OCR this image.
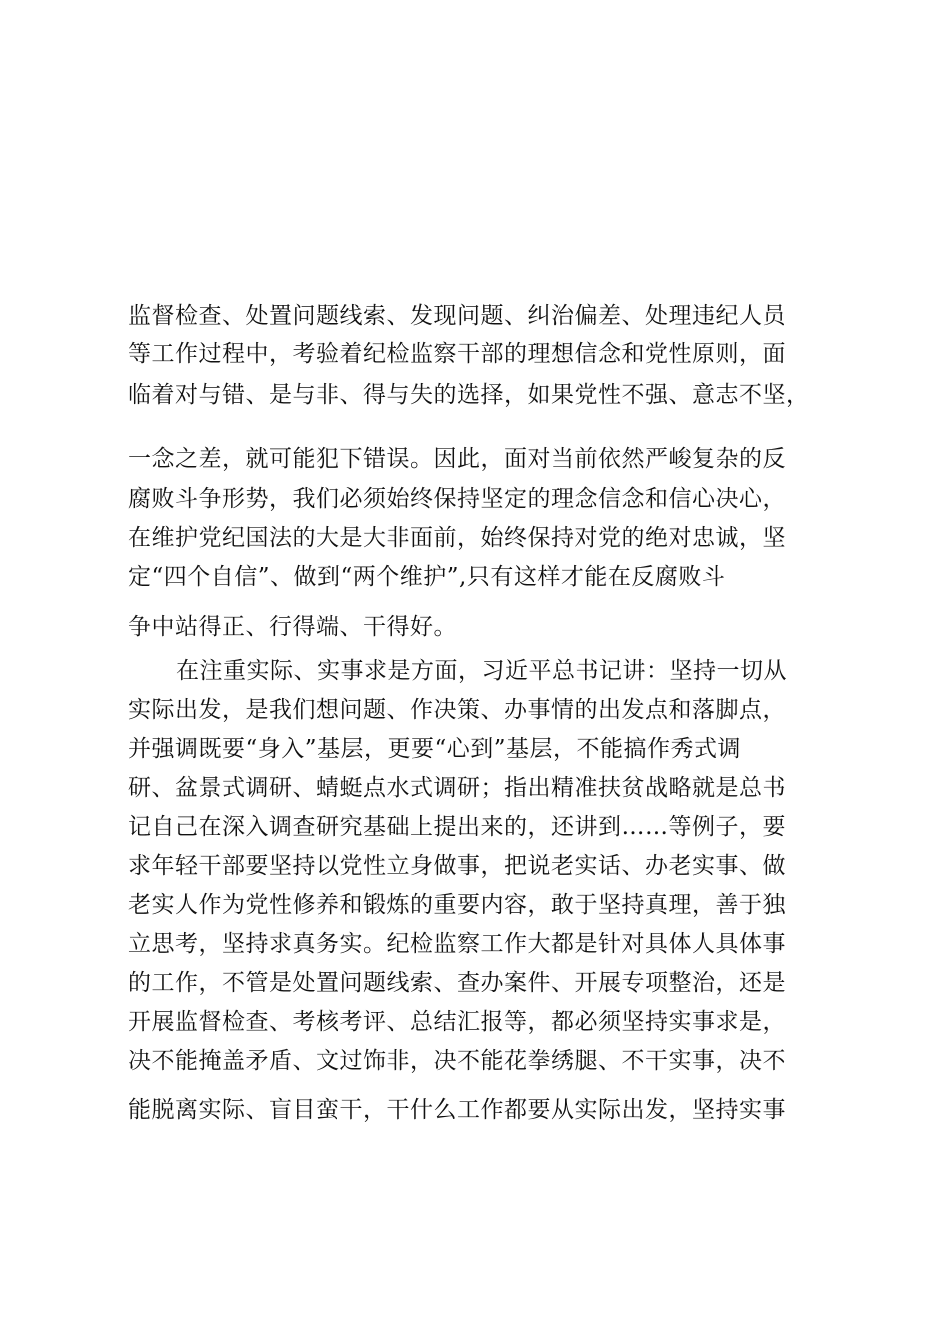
监督检查、处置问题线索、发现问题、纠治偏差、处理违纪人员
等工作过程中，考验着纪检监察干部的理想信念和党性原则，面
临着对与错、是与非、得与失的选择，如果党性不强、意志不坚，
一念之差，就可能犯下错误。因此，面对当前依然严峻复杂的反
腐败斗争形势，我们必须始终保持坚定的理念信念和信心决心，
在维护党纪国法的大是大非面前，始终保持对党的绝对忠诚，坚
定“四个自信”、做到“两个维护”,只有这样才能在反腐败斗
争中站得正、行得端、干得好。
在注重实际、实事求是方面，习近平总书记讲：坚持一切从
实际出发，是我们想问题、作决策、办事情的出发点和落脚点，
并强调既要“身入”基层，更要“心到”基层，不能搞作秀式调
研、盆景式调研、蜻蜓点水式调研；指出精准扶贫战略就是总书
记自己在深入调查研究基础上提出来的，还讲到……等例子，要
求年轻干部要坚持以党性立身做事，把说老实话、办老实事、做
老实人作为党性修养和锻炼的重要内容，敢于坚持真理，善于独
立思考，坚持求真务实。纪检监察工作大都是针对具体人具体事
的工作，不管是处置问题线索、查办案件、开展专项整治，还是
开展监督检查、考核考评、总结汇报等，都必须坚持实事求是，
决不能掩盖矛盾、文过饰非，决不能花拳绣腿、不干实事，决不
能脱离实际、盲目蛮干，干什么工作都要从实际出发，坚持实事
